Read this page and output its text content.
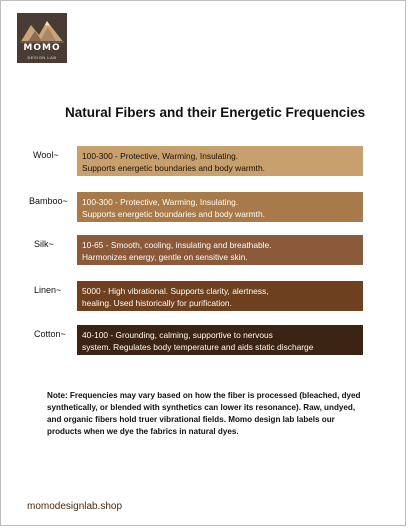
MOMO
DESIGN LAB
Natural Fibers and their Energetic Frequencies
Wool~	100-300 - Protective, Warming, Insulating.
Supports energetic boundaries and body warmth.
Bamboo~ 100-300 - Protective, Warming, Insulating.
Supports energetic boundaries and body warmth.
Silk~	10-65 - Smooth, cooling, insulating and breathable.
Harmonizes energy, gentle on sensitive skin.
Linen~ 5000 - High vibrational. Supports clarity, alertness,
healing. Used historically for purification.
Cotton~ 40-100 - Grounding, calming, supportive to nervous
system. Regulates body temperature and aids static discharge
Note: Frequencies may vary based on how the fiber is processed (bleached, dyed synthetically, or blended with synthetics can lower its resonance). Raw, undyed, and organic fibers hold truer vibrational fields. Momo design lab labels our products when we dye the fabrics in natural dyes.
momodesignlab.shop
